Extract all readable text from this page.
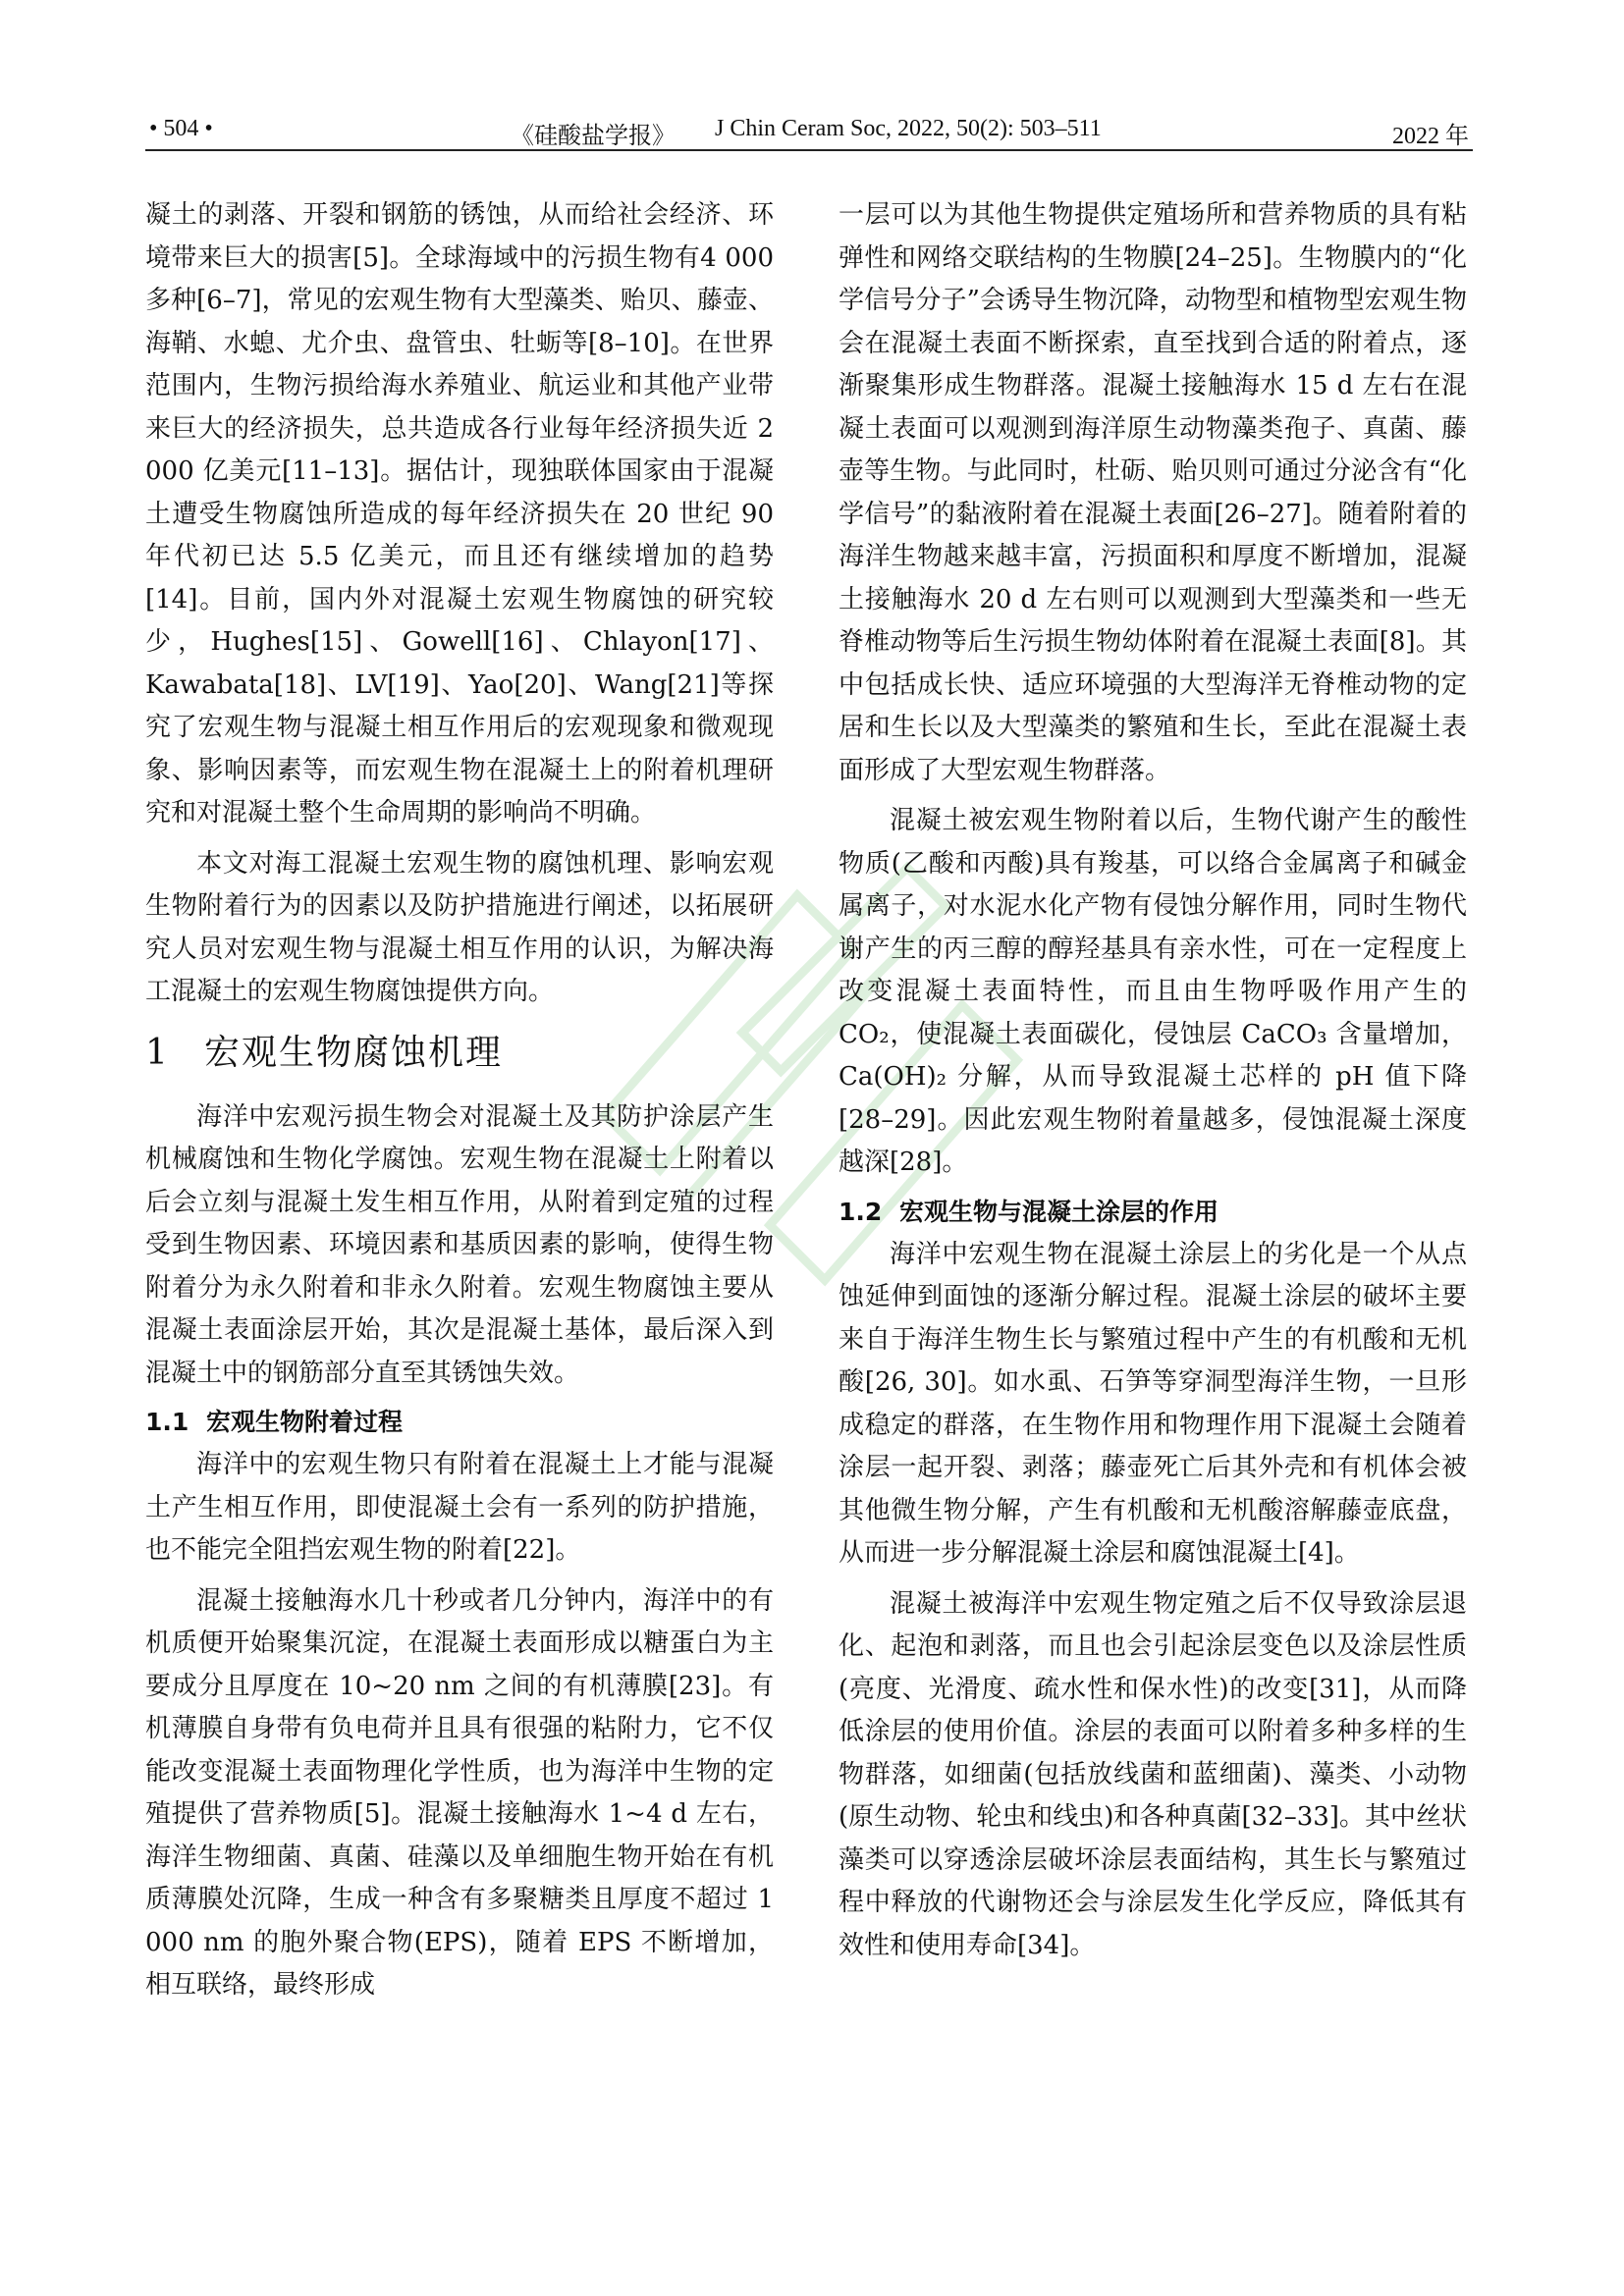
• 504 •	《硅酸盐学报》 J Chin Ceram Soc, 2022, 50(2): 503–511	2022 年

凝土的剥落、开裂和钢筋的锈蚀，从而给社会经济、环境带来巨大的损害[5]。全球海域中的污损生物有4 000 多种[6–7]，常见的宏观生物有大型藻类、贻贝、藤壶、海鞘、水螅、尤介虫、盘管虫、牡蛎等[8–10]。在世界范围内，生物污损给海水养殖业、航运业和其他产业带来巨大的经济损失，总共造成各行业每年经济损失近 2 000 亿美元[11–13]。据估计，现独联体国家由于混凝土遭受生物腐蚀所造成的每年经济损失在 20 世纪 90 年代初已达 5.5 亿美元，而且还有继续增加的趋势[14]。目前，国内外对混凝土宏观生物腐蚀的研究较少，Hughes[15]、Gowell[16]、Chlayon[17]、Kawabata[18]、LV[19]、Yao[20]、Wang[21]等探究了宏观生物与混凝土相互作用后的宏观现象和微观现象、影响因素等，而宏观生物在混凝土上的附着机理研究和对混凝土整个生命周期的影响尚不明确。

本文对海工混凝土宏观生物的腐蚀机理、影响宏观生物附着行为的因素以及防护措施进行阐述，以拓展研究人员对宏观生物与混凝土相互作用的认识，为解决海工混凝土的宏观生物腐蚀提供方向。

1 宏观生物腐蚀机理

海洋中宏观污损生物会对混凝土及其防护涂层产生机械腐蚀和生物化学腐蚀。宏观生物在混凝土上附着以后会立刻与混凝土发生相互作用，从附着到定殖的过程受到生物因素、环境因素和基质因素的影响，使得生物附着分为永久附着和非永久附着。宏观生物腐蚀主要从混凝土表面涂层开始，其次是混凝土基体，最后深入到混凝土中的钢筋部分直至其锈蚀失效。

1.1 宏观生物附着过程

海洋中的宏观生物只有附着在混凝土上才能与混凝土产生相互作用，即使混凝土会有一系列的防护措施，也不能完全阻挡宏观生物的附着[22]。

混凝土接触海水几十秒或者几分钟内，海洋中的有机质便开始聚集沉淀，在混凝土表面形成以糖蛋白为主要成分且厚度在 10~20 nm 之间的有机薄膜[23]。有机薄膜自身带有负电荷并且具有很强的粘附力，它不仅能改变混凝土表面物理化学性质，也为海洋中生物的定殖提供了营养物质[5]。混凝土接触海水 1~4 d 左右，海洋生物细菌、真菌、硅藻以及单细胞生物开始在有机质薄膜处沉降，生成一种含有多聚糖类且厚度不超过 1 000 nm 的胞外聚合物(EPS)，随着 EPS 不断增加，相互联络，最终形成

一层可以为其他生物提供定殖场所和营养物质的具有粘弹性和网络交联结构的生物膜[24–25]。生物膜内的“化学信号分子”会诱导生物沉降，动物型和植物型宏观生物会在混凝土表面不断探索，直至找到合适的附着点，逐渐聚集形成生物群落。混凝土接触海水 15 d 左右在混凝土表面可以观测到海洋原生动物藻类孢子、真菌、藤壶等生物。与此同时，杜砺、贻贝则可通过分泌含有“化学信号”的黏液附着在混凝土表面[26–27]。随着附着的海洋生物越来越丰富，污损面积和厚度不断增加，混凝土接触海水 20 d 左右则可以观测到大型藻类和一些无脊椎动物等后生污损生物幼体附着在混凝土表面[8]。其中包括成长快、适应环境强的大型海洋无脊椎动物的定居和生长以及大型藻类的繁殖和生长，至此在混凝土表面形成了大型宏观生物群落。

混凝土被宏观生物附着以后，生物代谢产生的酸性物质(乙酸和丙酸)具有羧基，可以络合金属离子和碱金属离子，对水泥水化产物有侵蚀分解作用，同时生物代谢产生的丙三醇的醇羟基具有亲水性，可在一定程度上改变混凝土表面特性，而且由生物呼吸作用产生的 CO₂，使混凝土表面碳化，侵蚀层 CaCO₃ 含量增加，Ca(OH)₂ 分解，从而导致混凝土芯样的 pH 值下降[28–29]。因此宏观生物附着量越多，侵蚀混凝土深度越深[28]。

1.2 宏观生物与混凝土涂层的作用

海洋中宏观生物在混凝土涂层上的劣化是一个从点蚀延伸到面蚀的逐渐分解过程。混凝土涂层的破坏主要来自于海洋生物生长与繁殖过程中产生的有机酸和无机酸[26, 30]。如水虱、石笋等穿洞型海洋生物，一旦形成稳定的群落，在生物作用和物理作用下混凝土会随着涂层一起开裂、剥落；藤壶死亡后其外壳和有机体会被其他微生物分解，产生有机酸和无机酸溶解藤壶底盘，从而进一步分解混凝土涂层和腐蚀混凝土[4]。

混凝土被海洋中宏观生物定殖之后不仅导致涂层退化、起泡和剥落，而且也会引起涂层变色以及涂层性质(亮度、光滑度、疏水性和保水性)的改变[31]，从而降低涂层的使用价值。涂层的表面可以附着多种多样的生物群落，如细菌(包括放线菌和蓝细菌)、藻类、小动物(原生动物、轮虫和线虫)和各种真菌[32–33]。其中丝状藻类可以穿透涂层破坏涂层表面结构，其生长与繁殖过程中释放的代谢物还会与涂层发生化学反应，降低其有效性和使用寿命[34]。
